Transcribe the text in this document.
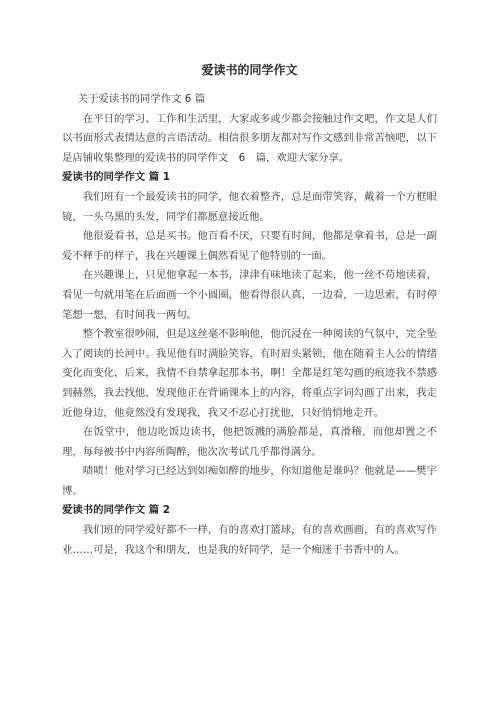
爱读书的同学作文

关于爱读书的同学作文 6 篇

在平日的学习、工作和生活里，大家或多或少都会接触过作文吧，作文是人们以书面形式表情达意的言语活动。相信很多朋友都对写作文感到非常苦恼吧，以下是店铺收集整理的爱读书的同学作文　6　篇，欢迎大家分享。

爱读书的同学作文 篇 1

我们班有一个最爱读书的同学，他衣着整齐，总是面带笑容，戴着一个方框眼镜，一头乌黑的头发，同学们都愿意接近他。

他很爱看书，总是买书。他百看不厌，只要有时间，他都是拿着书，总是一副爱不释手的样子，我在兴趣课上偶然看见了他特别的一面。

在兴趣课上，只见他拿起一本书，津津有味地读了起来，他一丝不苟地读着，看见一句就用笔在后面画一个小圆圈，他看得很认真，一边看，一边思索，有时停笔想一想，有时间我一两句。

整个教室很吵闹，但是这丝毫不影响他，他沉浸在一种阅读的气氛中，完全坠入了阅读的长河中。我见他有时满脸笑容，有时眉头紧锁，他在随着主人公的情绪变化而变化，后来，我情不自禁拿起那本书，啊！全都是红笔勾画的痕迹我不禁感到赫然，我去找他，发现他正在背诵课本上的内容，将重点字词勾画了出来，我走近他身边，他竟然没有发现我，我又不忍心打扰他，只好悄悄地走开。

在饭堂中，他边吃饭边读书，他把饭溅的满脸都是，真滑稽，而他却置之不理，每每被书中内容所陶醉，他次次考试几乎都得满分。

啧啧！他对学习已经达到如痴如醉的地步，你知道他是谁吗？他就是——樊宇博。

爱读书的同学作文 篇 2

我们班的同学爱好都不一样，有的喜欢打篮球，有的喜欢画画，有的喜欢写作业……可是，我这个和朋友，也是我的好同学，是一个痴迷于书香中的人。
